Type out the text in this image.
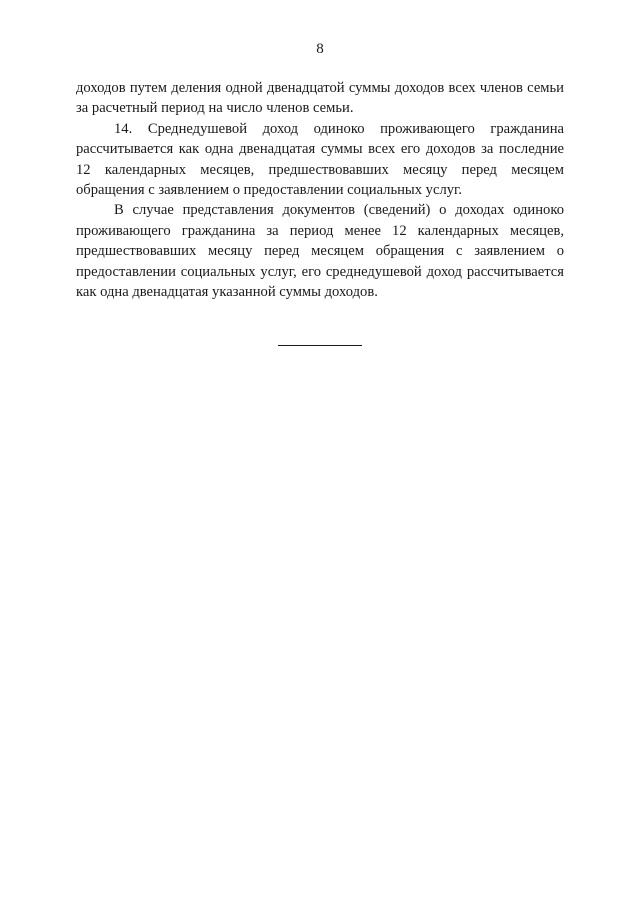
8

доходов путем деления одной двенадцатой суммы доходов всех членов семьи за расчетный период на число членов семьи.

14. Среднедушевой доход одиноко проживающего гражданина рассчитывается как одна двенадцатая суммы всех его доходов за последние 12 календарных месяцев, предшествовавших месяцу перед месяцем обращения с заявлением о предоставлении социальных услуг.

В случае представления документов (сведений) о доходах одиноко проживающего гражданина за период менее 12 календарных месяцев, предшествовавших месяцу перед месяцем обращения с заявлением о предоставлении социальных услуг, его среднедушевой доход рассчитывается как одна двенадцатая указанной суммы доходов.
